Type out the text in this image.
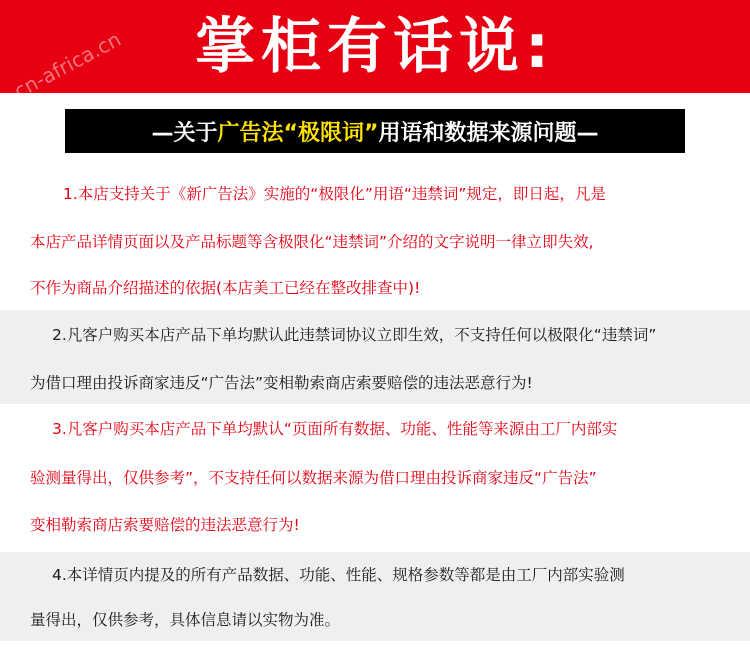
掌柜有话说:
cn-africa.cn
—关于 广告法“极限词” 用语和数据来源问题—
1.本店支持关于《新广告法》实施的“极限化”用语“违禁词”规定，即日起，凡是
本店产品详情页面以及产品标题等含极限化“违禁词”介绍的文字说明一律立即失效,
不作为商品介绍描述的依据(本店美工已经在整改排查中)!
2.凡客户购买本店产品下单均默认此违禁词协议立即生效，不支持任何以极限化“违禁词”
为借口理由投诉商家违反“广告法”变相勒索商店索要赔偿的违法恶意行为!
3.凡客户购买本店产品下单均默认“页面所有数据、功能、性能等来源由工厂内部实
验测量得出，仅供参考”，不支持任何以数据来源为借口理由投诉商家违反“广告法”
变相勒索商店索要赔偿的违法恶意行为!
4.本详情页内提及的所有产品数据、功能、性能、规格参数等都是由工厂内部实验测
量得出，仅供参考，具体信息请以实物为准。
